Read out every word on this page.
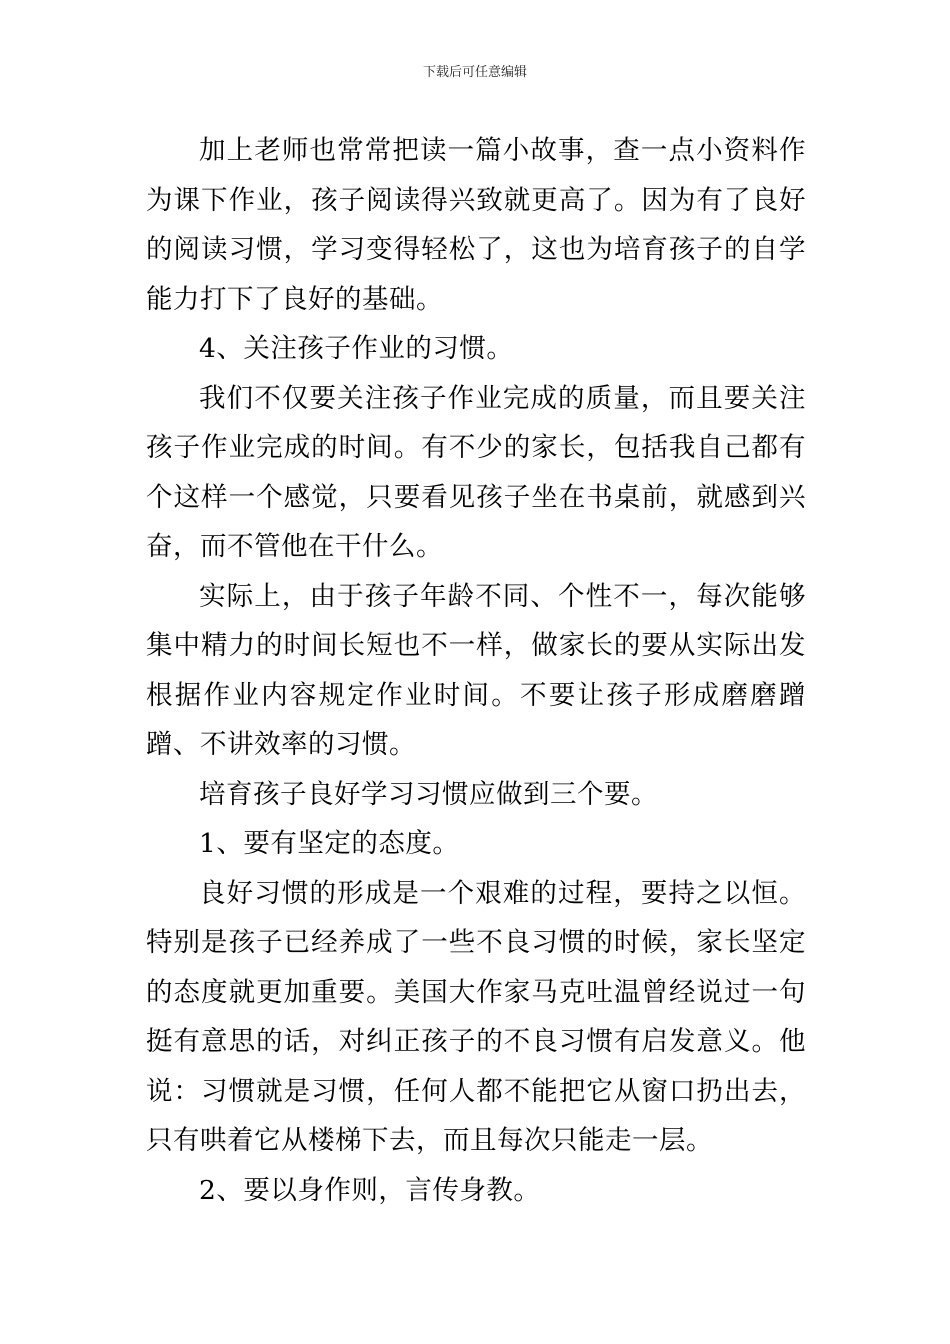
下载后可任意编辑

加上老师也常常把读一篇小故事，查一点小资料作为课下作业，孩子阅读得兴致就更高了。因为有了良好的阅读习惯，学习变得轻松了，这也为培育孩子的自学能力打下了良好的基础。

4、关注孩子作业的习惯。

我们不仅要关注孩子作业完成的质量，而且要关注孩子作业完成的时间。有不少的家长，包括我自己都有个这样一个感觉，只要看见孩子坐在书桌前，就感到兴奋，而不管他在干什么。

实际上，由于孩子年龄不同、个性不一，每次能够集中精力的时间长短也不一样，做家长的要从实际出发根据作业内容规定作业时间。不要让孩子形成磨磨蹭蹭、不讲效率的习惯。

培育孩子良好学习习惯应做到三个要。

1、要有坚定的态度。

良好习惯的形成是一个艰难的过程，要持之以恒。特别是孩子已经养成了一些不良习惯的时候，家长坚定的态度就更加重要。美国大作家马克吐温曾经说过一句挺有意思的话，对纠正孩子的不良习惯有启发意义。他说：习惯就是习惯，任何人都不能把它从窗口扔出去，只有哄着它从楼梯下去，而且每次只能走一层。

2、要以身作则，言传身教。
